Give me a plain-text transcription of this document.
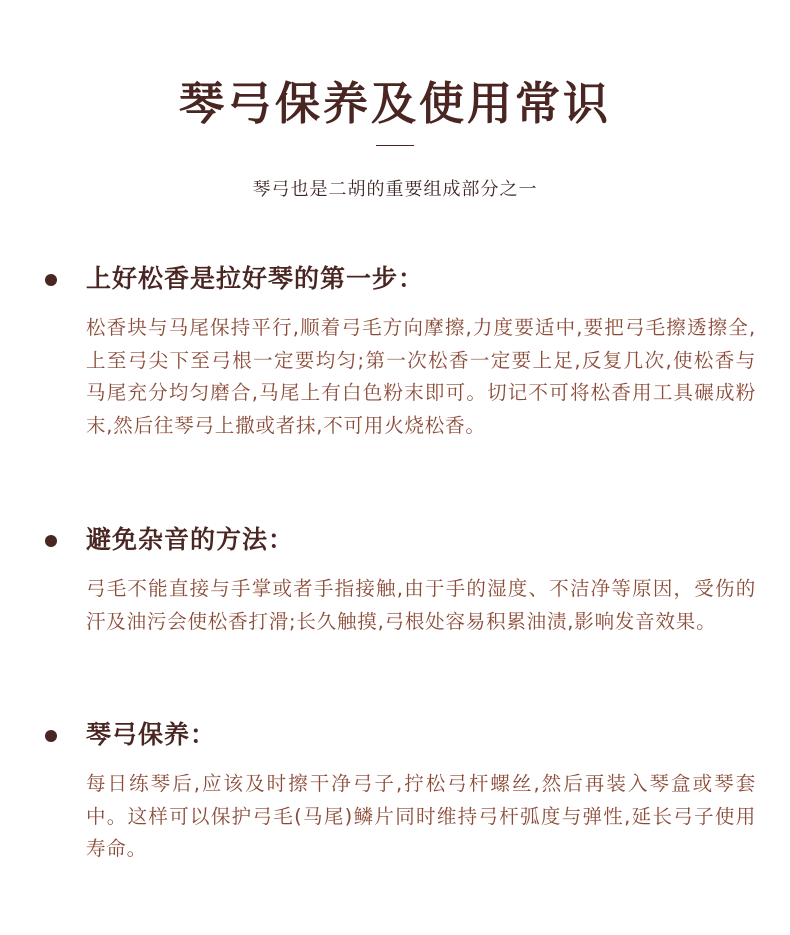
琴弓保养及使用常识
琴弓也是二胡的重要组成部分之一
上好松香是拉好琴的第一步：
松香块与马尾保持平行,顺着弓毛方向摩擦,力度要适中,要把弓毛擦透擦全,上至弓尖下至弓根一定要均匀;第一次松香一定要上足,反复几次,使松香与马尾充分均匀磨合,马尾上有白色粉末即可。切记不可将松香用工具碾成粉末,然后往琴弓上撒或者抹,不可用火烧松香。
避免杂音的方法：
弓毛不能直接与手掌或者手指接触,由于手的湿度、不洁净等原因，受伤的汗及油污会使松香打滑;长久触摸,弓根处容易积累油渍,影响发音效果。
琴弓保养：
每日练琴后,应该及时擦干净弓子,拧松弓杆螺丝,然后再装入琴盒或琴套中。这样可以保护弓毛(马尾)鳞片同时维持弓杆弧度与弹性,延长弓子使用寿命。
